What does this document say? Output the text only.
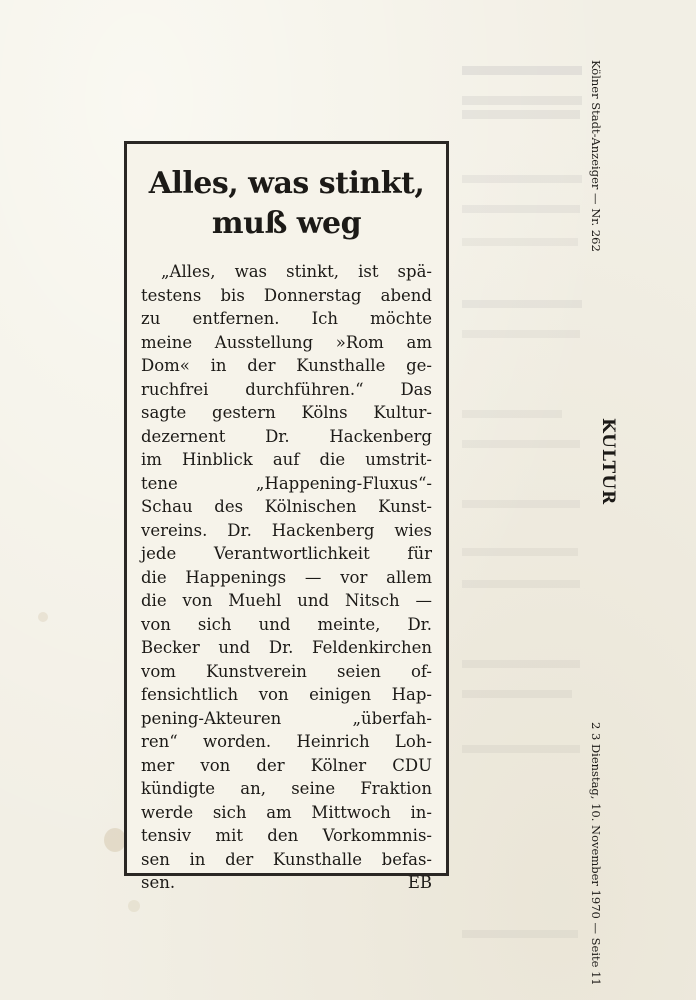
Alles, was stinkt,
muß weg
„Alles, was stinkt, ist spä-
testens bis Donnerstag abend
zu entfernen. Ich möchte
meine Ausstellung »Rom am
Dom« in der Kunsthalle ge-
ruchfrei durchführen.“ Das
sagte gestern Kölns Kultur-
dezernent Dr. Hackenberg
im Hinblick auf die umstrit-
tene „Happening-Fluxus“-
Schau des Kölnischen Kunst-
vereins. Dr. Hackenberg wies
jede Verantwortlichkeit für
die Happenings — vor allem
die von Muehl und Nitsch —
von sich und meinte, Dr.
Becker und Dr. Feldenkirchen
vom Kunstverein seien of-
fensichtlich von einigen Hap-
pening-Akteuren „überfah-
ren“ worden. Heinrich Loh-
mer von der Kölner CDU
kündigte an, seine Fraktion
werde sich am Mittwoch in-
tensiv mit den Vorkommnis-
sen in der Kunsthalle befas-
sen. EB
Kölner Stadt-Anzeiger — Nr. 262
KULTUR
2 3 Dienstag, 10. November 1970 — Seite 11
